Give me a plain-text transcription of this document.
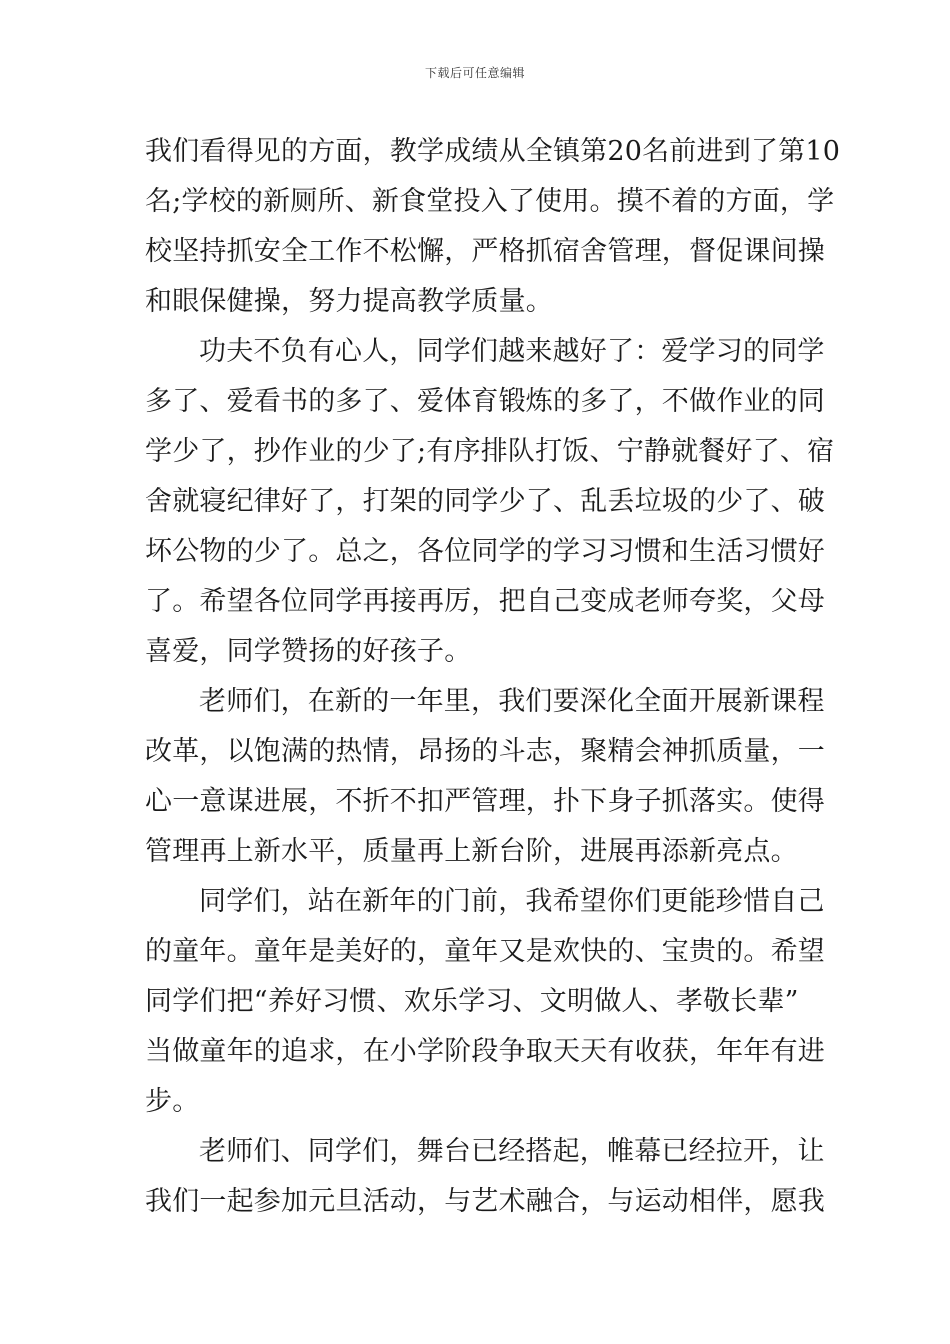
下载后可任意编辑
我们看得见的方面，教学成绩从全镇第20名前进到了第10
名;学校的新厕所、新食堂投入了使用。摸不着的方面，学
校坚持抓安全工作不松懈，严格抓宿舍管理，督促课间操
和眼保健操，努力提高教学质量。
功夫不负有心人，同学们越来越好了：爱学习的同学
多了、爱看书的多了、爱体育锻炼的多了，不做作业的同
学少了，抄作业的少了;有序排队打饭、宁静就餐好了、宿
舍就寝纪律好了，打架的同学少了、乱丢垃圾的少了、破
坏公物的少了。总之，各位同学的学习习惯和生活习惯好
了。希望各位同学再接再厉，把自己变成老师夸奖，父母
喜爱，同学赞扬的好孩子。
老师们，在新的一年里，我们要深化全面开展新课程
改革，以饱满的热情，昂扬的斗志，聚精会神抓质量，一
心一意谋进展，不折不扣严管理，扑下身子抓落实。使得
管理再上新水平，质量再上新台阶，进展再添新亮点。
同学们，站在新年的门前，我希望你们更能珍惜自己
的童年。童年是美好的，童年又是欢快的、宝贵的。希望
同学们把“养好习惯、欢乐学习、文明做人、孝敬长辈”
当做童年的追求，在小学阶段争取天天有收获，年年有进
步。
老师们、同学们，舞台已经搭起，帷幕已经拉开，让
我们一起参加元旦活动，与艺术融合，与运动相伴，愿我
